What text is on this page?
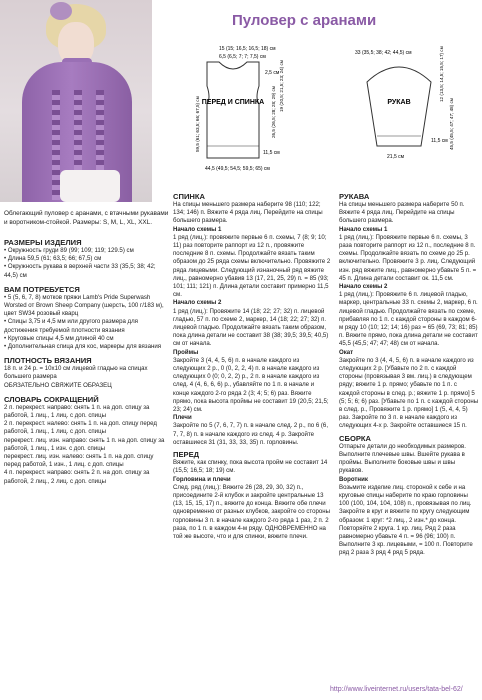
Пуловер с аранами
ПЕРЕД И СПИНКА
15 (15; 16,5; 16,5; 18) см
6,5 (6,5; 7; 7; 7,5) см
2,5 см
44,5 (49,5; 54,5; 59,5; 65) см
11,5 см
59,5 (61; 63,5; 66; 67,5) см	26,5 (26,5; 28; 28; 29) см
19 (20,5; 21,5; 23; 24) см	РУКАВ
33 (35,5; 38; 42; 44,5) см
21,5 см
12 (13,5; 14,5; 15,5; 17) см
45,5 (45,5; 47; 47; 48) см
11,5 см
Облегающий пуловер с аранами, с втачными рукавами и воротником-стойкой. Размеры: S, M, L, XL, XXL.
РАЗМЕРЫ ИЗДЕЛИЯ
• Окружность груди 89 (99; 109; 119; 129.5) см
• Длина 59,5 (61; 63,5; 66; 67,5) см
• Окружность рукава в верхней части 33 (35,5; 38; 42; 44,5) см
ВАМ ПОТРЕБУЕТСЯ
• 5 (5, 6, 7, 8) мотков пряжи Lamb's Pride Superwash Worsted от Brown Sheep Company (шерсть, 100 г/183 м), цвет SW34 розовый кварц
• Спицы 3,75 и 4,5 мм или другого размера для достижения требуемой плотности вязания
• Круговые спицы 4,5 мм длиной 40 см
• Дополнительная спица для кос, маркеры для вязания
ПЛОТНОСТЬ ВЯЗАНИЯ
18 п. и 24 р. = 10х10 см лицевой гладью на спицах большего размера
ОБЯЗАТЕЛЬНО СВЯЖИТЕ ОБРАЗЕЦ
СЛОВАРЬ СОКРАЩЕНИЙ
2 п. перекрест. направо: снять 1 п. на доп. спицу за работой, 1 лиц., 1 лиц. с доп. спицы
2 п. перекрест. налево: снять 1 п. на доп. спицу перед работой, 1 лиц., 1 лиц. с доп. спицы
перекрест. лиц. изн. направо: снять 1 п. на доп. спицу за работой, 1 лиц., 1 изн. с доп. спицы
перекрест. лиц. изн. налево: снять 1 п. на доп. спицу перед работой, 1 изн., 1 лиц. с доп. спицы
4 п. перекрест. направо: снять 2 п. на доп. спицу за работой, 2 лиц., 2 лиц. с доп. спицы
СПИНКА
На спицы меньшего размера наберите 98 (110; 122; 134; 146) п. Вяжите 4 ряда лиц. Перейдите на спицы большего размера.
Начало схемы 1
1 ряд (лиц.): провяжите первые 6 п. схемы, 7 (8; 9; 10; 11) раз повторите раппорт из 12 п., провяжите последние 8 п. схемы. Продолжайте вязать таким образом до 25 ряда схемы включительно. Провяжите 2 ряда лицевыми. Следующий изнаночный ряд вяжите лиц., равномерно убавив 13 (17, 21, 25, 29) п. = 85 (93; 101; 111; 121) п. Длина детали составит примерно 11,5 см.
Начало схемы 2
1 ряд (лиц.): Провяжите 14 (18; 22; 27; 32) п. лицевой гладью, 57 п. по схеме 2, маркер, 14 (18; 22; 27; 32) п. лицевой гладью. Продолжайте вязать таким образом, пока длина детали не составит 38 (38; 39,5; 39,5; 40,5) см от начала.
Проймы
Закройте 3 (4, 4, 5, 6) п. в начале каждого из следующих 2 р., 0 (0, 2, 2, 4) п. в начале каждого из следующих 0 (0; 0, 2, 2) р., 2 п. в начале каждого из след. 4 (4, 6, 6, 6) р., убавляйте по 1 п. в начале и конце каждого 2-го ряда 2 (3; 4; 5; 6) раз. Вяжите прямо, пока высота проймы не составит 19 (20,5; 21,5; 23; 24) см.
Плечи
Закройте по 5 (7, 6, 7, 7) п. в начале след. 2 р., по 6 (6, 7, 7, 8) п. в начале каждого из след. 4 р. Закройте оставшиеся 31 (31, 33, 33, 35) п. горловины.
ПЕРЕД
Вяжите, как спинку, пока высота пройм не составит 14 (15,5; 16,5; 18; 19) см.
Горловина и плечи
След. ряд (лиц.): Вяжите 26 (28, 29, 30, 32) п., присоедините 2-й клубок и закройте центральные 13 (13, 15, 15, 17) п., вяжите до конца. Вяжите обе плечи одновременно от разных клубков, закройте со стороны горловины 3 п. в начале каждого 2-го ряда 1 раз, 2 п. 2 раза, по 1 п. в каждом 4-м ряду. ОДНОВРЕМЕННО на той же высоте, что и для спинки, вяжите плечи.
РУКАВА
На спицы меньшего размера наберите 50 п. Вяжите 4 ряда лиц. Перейдите на спицы большего размера.
Начало схемы 1
1 ряд (лиц.): Провяжите первые 6 п. схемы, 3 раза повторите раппорт из 12 п., последние 8 п. схемы. Продолжайте вязать по схеме до 25 р. включительно. Провяжите 3 р. лиц. Следующий изн. ряд вяжите лиц., равномерно убавьте 5 п. = 45 п. Длина детали составит ок. 11,5 см.
Начало схемы 2
1 ряд (лиц.): Провяжите 6 п. лицевой гладью, маркер, центральные 33 п. схемы 2, маркер, 6 п. лицевой гладью. Продолжайте вязать по схеме, прибавляя по 1 п. с каждой стороны в каждом 6-м ряду 10 (10; 12; 14; 16) раз = 65 (69, 73; 81; 85) п. Вяжите прямо, пока длина детали не составит 45,5 (45,5; 47; 47; 48) см от начала.
Окат
Закройте по 3 (4, 4, 5, 6) п. в начале каждого из следующих 2 р. [Убавьте по 2 п. с каждой стороны (провязывая 3 вм. лиц.) в следующем ряду; вяжите 1 р. прямо; убавьте по 1 п. с каждой стороны в след. р.; вяжите 1 р. прямо] 5 (5; 5; 6; 6) раз. [Убавьте по 1 п. с каждой стороны в след. р., Провяжите 1 р. прямо] 1 (5, 4, 4, 5) раз. Закройте по 3 п. в начале каждого из следующих 4-х р. Закройте оставшиеся 15 п.
СБОРКА
Отпарьте детали до необходимых размеров. Выполните плечевые швы. Вшейте рукава в проймы. Выполните боковые швы и швы рукавов.
Воротник
Возьмите изделие лиц. стороной к себе и на круговые спицы наберите по краю горловины 100 (100, 104, 104, 108) п., провязывая по лиц. Закройте в круг и вяжите по кругу следующим образом: 1 круг: *2 лиц., 2 изн.* до конца. Повторяйте 2 круга. 1 кр. лиц. Ряд 2 раза равномерно убавьте 4 п. = 96 (96; 100) п. Выполните 3 кр. лицевыми, = 100 п. Повторите ряд 2 раза 3 ряд 4 ряд 5 ряда.
http://www.liveinternet.ru/users/tata-bel-62/
